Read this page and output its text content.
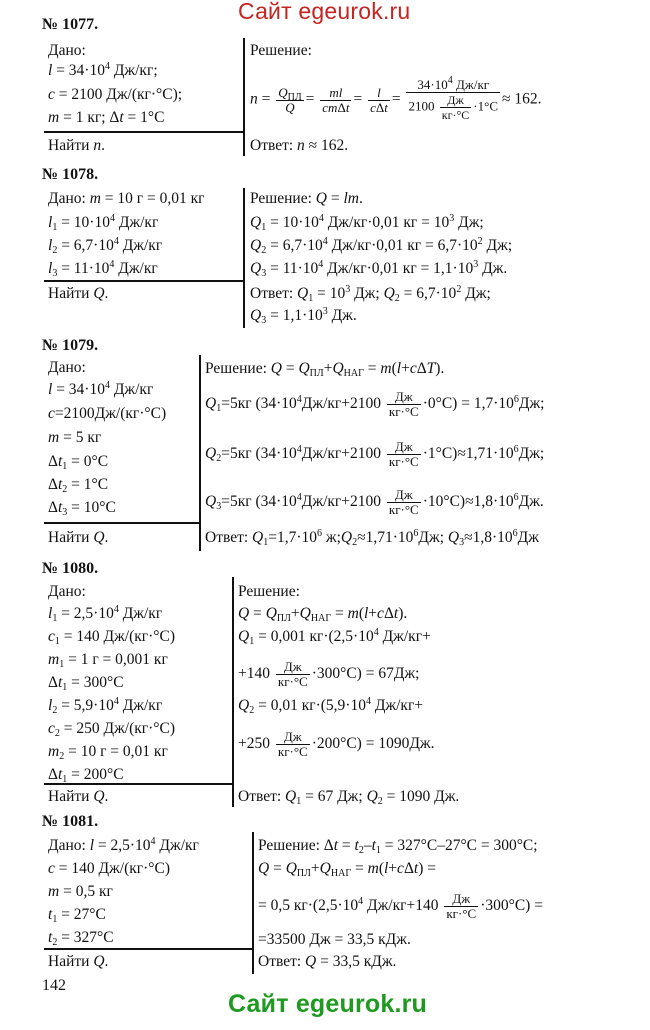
Сайт egeurok.ru
№ 1077.
Дано:
$l = 34\cdot 10^4$ Дж/кг;
c = 2100 Дж/(кг·°С);
m = 1 кг; Δt = 1°С
Найти n.
Решение:
$n = Q_{ПЛ}$
Q = ml
cmΔt = l
cΔt =
$34\cdot 10^4$ Дж/кг
2100 Дж
кг·°С
·1°С ≈ 162.
Ответ: n ≈ 162.
№ 1078.
Дано: m = 10 г = 0,01 кг
$l_1 = 10\cdot 10^4$ Дж/кг
$l_2 = 6,7\cdot 10^4$ Дж/кг
$l_3 = 11\cdot 10^4$ Дж/кг
Найти Q.
Решение: Q = lm.
$Q_1 = 10\cdot 10^4$ Дж/кг·0,01 кг = $10^3$ Дж;
$Q_2 = 6,7\cdot 10^4$ Дж/кг·0,01 кг = $6,7\cdot 10^2$ Дж;
$Q_3 = 11\cdot 10^4$ Дж/кг·0,01 кг = $1,1\cdot 10^3$ Дж.
Ответ: $Q_1 = 10^3$ Дж; $Q_2 = 6,7\cdot 10^2$ Дж;
$Q_3 = 1,1\cdot 10^3$ Дж.
№ 1079.
Дано:
$l = 34\cdot 10^4$ Дж/кг
c=2100Дж/(кг·°С)
m = 5 кг
$\Delta t_1 = 0^\circ С$
$\Delta t_2 = 1^\circ С$
$\Delta t_3 = 10^\circ С$
Найти Q.
Решение: $Q = Q_{ПЛ}+Q_{НАГ} = m(l+c\Delta T)$.
$Q_1=5кг$ ($34\cdot 10^4Дж/кг+2100$ Дж
$кг\cdot^\circ С \cdot 0^\circ С) = 1,7\cdot 10^6Дж$;
$Q_2=5кг$ ($34\cdot 10^4Дж/кг+2100$ Дж
$кг\cdot^\circ С \cdot 1^\circ С)\approx 1,71\cdot 10^6Дж$;
$Q_3=5кг$ ($34\cdot 10^4Дж/кг+2100$ Дж
$кг\cdot^\circ С \cdot 10^\circ С)\approx 1,8\cdot 10^6Дж$.
Ответ: $Q_1=1,7\cdot 10^6$ $ж;Q_2\approx 1,71\cdot 10^6Дж$; $Q_3\approx 1,8\cdot 10^6Дж$
№ 1080.
Дано:
$l_1 = 2,5\cdot 10^4$ Дж/кг
$c_1 = 140$ Дж/(кг·°С)
$m_1 = 1$ г = 0,001 кг
$\Delta t_1 = 300^\circ С$
$l_2 = 5,9\cdot 10^4$ Дж/кг
$c_2 = 250$ Дж/(кг·°С)
$m_2 = 10$ г = 0,01 кг
$\Delta t_1 = 200^\circ С$
Найти Q.
Решение:
$Q = Q_{ПЛ}+Q_{НАГ} = m(l+c\Delta t)$.
$Q_1 = 0,001$ $кг\cdot(2,5\cdot 10^4$ Дж/кг+
+140 Дж
кг·°С ·300°С) = 67Дж;
$Q_2 = 0,01$ $кг\cdot(5,9\cdot 10^4$ Дж/кг+
+250 Дж
кг·°С ·200°С) = 1090Дж.
Ответ: $Q_1 = 67$ Дж; $Q_2 = 1090$ Дж.
№ 1081.
Дано: $l = 2,5\cdot 10^4$ Дж/кг
c = 140 Дж/(кг·°С)
m = 0,5 кг
$t_1 = 27^\circ С$
$t_2 = 327^\circ С$
Найти Q.
Решение: $\Delta t = t_2-t_1 = 327^\circ С-27^\circ С = 300^\circ С$;
$Q = Q_{ПЛ}+Q_{НАГ} = m(l+c\Delta t)$ =
= 0,5 $кг\cdot(2,5\cdot 10^4$ Дж/кг+140 Дж
кг·°С ·300°С) =
=33500 Дж = 33,5 кДж.
Ответ: Q = 33,5 кДж.
142
Сайт egeurok.ru
